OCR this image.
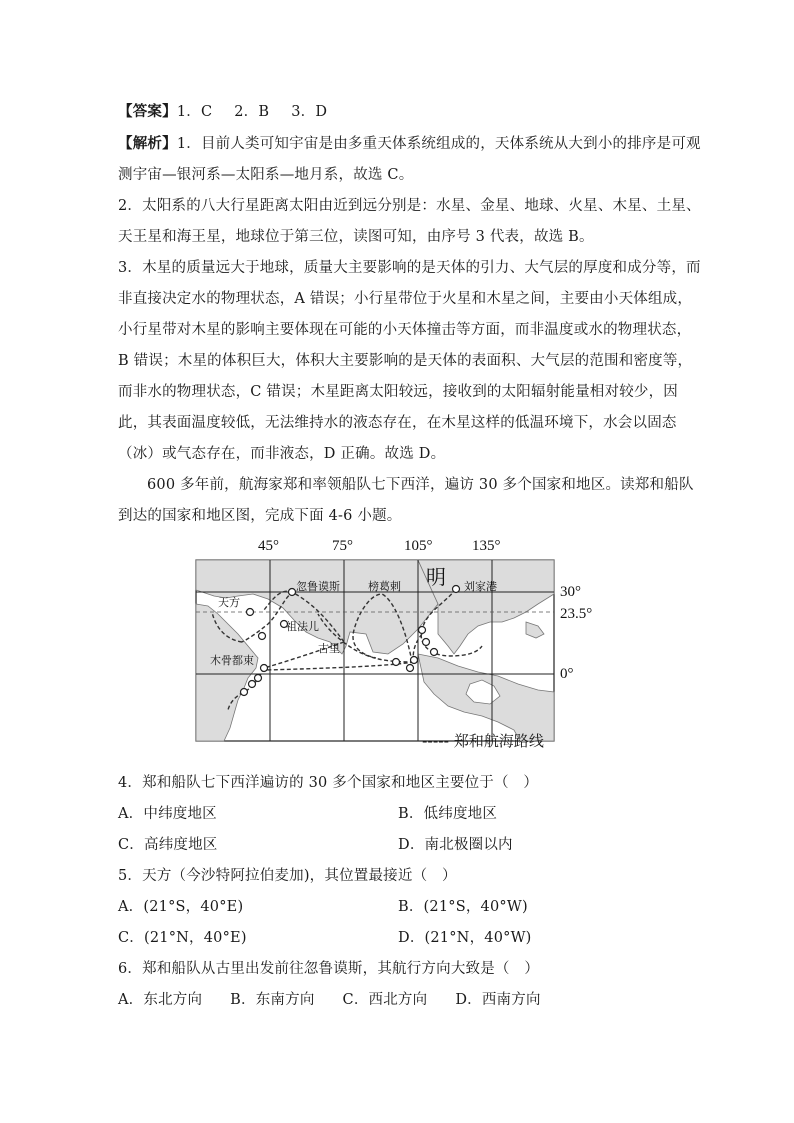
【答案】1．C 2．B 3．D
【解析】1．目前人类可知宇宙是由多重天体系统组成的，天体系统从大到小的排序是可观
测宇宙—银河系—太阳系—地月系，故选 C。
2．太阳系的八大行星距离太阳由近到远分别是：水星、金星、地球、火星、木星、土星、
天王星和海王星，地球位于第三位，读图可知，由序号 3 代表，故选 B。
3．木星的质量远大于地球，质量大主要影响的是天体的引力、大气层的厚度和成分等，而
非直接决定水的物理状态，A 错误；小行星带位于火星和木星之间，主要由小天体组成，
小行星带对木星的影响主要体现在可能的小天体撞击等方面，而非温度或水的物理状态，
B 错误；木星的体积巨大，体积大主要影响的是天体的表面积、大气层的范围和密度等，
而非水的物理状态，C 错误；木星距离太阳较远，接收到的太阳辐射能量相对较少，因
此，其表面温度较低，无法维持水的液态存在，在木星这样的低温环境下，水会以固态
（冰）或气态存在，而非液态，D 正确。故选 D。
600 多年前，航海家郑和率领船队七下西洋，遍访 30 多个国家和地区。读郑和船队
到达的国家和地区图，完成下面 4-6 小题。
45°	75°	105°	135°
30°
23.5°
0°
天方
忽鲁谟斯	榜葛剌	刘家港
祖法儿
古里
木骨都束
明
----- 郑和航海路线
4．郑和船队七下西洋遍访的 30 多个国家和地区主要位于（　）
A．中纬度地区	B．低纬度地区
C．高纬度地区	D．南北极圈以内
5．天方（今沙特阿拉伯麦加)，其位置最接近（　）
A．(21°S，40°E)	B．(21°S，40°W)
C．(21°N，40°E)	D．(21°N，40°W)
6．郑和船队从古里出发前往忽鲁谟斯，其航行方向大致是（　）
A．东北方向 B．东南方向 C．西北方向 D．西南方向
